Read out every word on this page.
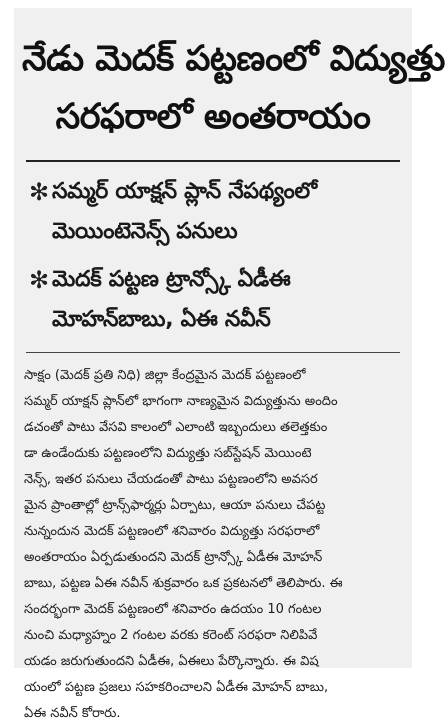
నేడు మెదక్ పట్టణంలో విద్యుత్తు
సరఫరాలో అంతరాయం
✻ సమ్మర్ యాక్షన్ ప్లాన్ నేపథ్యంలో
మెయింటెనెన్స్ పనులు
✻ మెదక్ పట్టణ ట్రాన్స్కో ఏడీఈ
మోహన్‌బాబు, ఏఈ నవీన్
సాక్షం (మెదక్ ప్రతి నిధి) జిల్లా కేంద్రమైన మెదక్ పట్టణంలో
సమ్మర్ యాక్షన్ ప్లాన్‌లో భాగంగా నాణ్యమైన విద్యుత్తును అందిం
డచంతో పాటు వేసవి కాలంలో ఎలాంటి ఇబ్బందులు తలెత్తకుం
డా ఉండేందుకు పట్టణంలోని విద్యుత్తు సబ్‌స్టేషన్ మెయింటె
నెన్స్, ఇతర పనులు చేయడంతో పాటు పట్టణంలోని అవసర
మైన ప్రాంతాల్లో ట్రాన్స్‌ఫార్మర్లు ఏర్పాటు, ఆయా పనులు చేపట్ట
నున్నందున మెదక్ పట్టణంలో శనివారం విద్యుత్తు సరఫరాలో
అంతరాయం ఏర్పడుతుందని మెదక్ ట్రాన్స్కో ఏడీఈ మోహన్
బాబు, పట్టణ ఏఈ నవీన్ శుక్రవారం ఒక ప్రకటనలో తెలిపారు. ఈ
సందర్భంగా మెదక్ పట్టణంలో శనివారం ఉదయం 10 గంటల
నుంచి మధ్యాహ్నం 2 గంటల వరకు కరెంట్ సరఫరా నిలిపివే
యడం జరుగుతుందని ఏడీఈ, ఏఈలు పేర్కొన్నారు. ఈ విష
యంలో పట్టణ ప్రజలు సహకరించాలని ఏడీఈ మోహన్ బాబు,
ఏఈ నవీన్ కోరారు.
